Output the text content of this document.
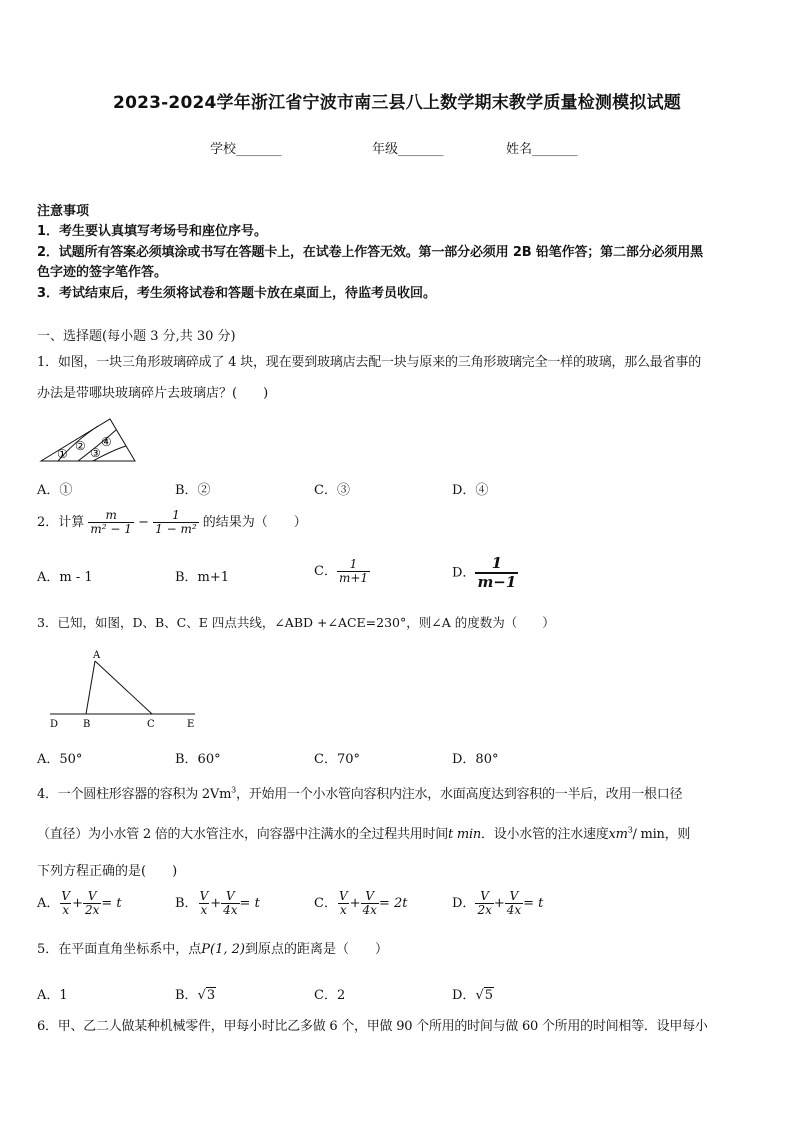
2023-2024学年浙江省宁波市南三县八上数学期末教学质量检测模拟试题
学校_______	年级_______	姓名_______
注意事项
1．考生要认真填写考场号和座位序号。
2．试题所有答案必须填涂或书写在答题卡上，在试卷上作答无效。第一部分必须用 2B 铅笔作答；第二部分必须用黑
色字迹的签字笔作答。
3．考试结束后，考生须将试卷和答题卡放在桌面上，待监考员收回。
一、选择题(每小题 3 分,共 30 分)
1．如图，一块三角形玻璃碎成了 4 块，现在要到玻璃店去配一块与原来的三角形玻璃完全一样的玻璃，那么最省事的
办法是带哪块玻璃碎片去玻璃店？(　　)
①
② ③
④
A．①	B．②	C．③	D．④
2．计算 $\frac{m}{\text{m² − 1}} - \frac{1}{\text{1 − m²}}$ 的结果为（　　）
A．m - 1	B．m+1	C． $\frac{1}{m+1}$	D． $\frac{1}{m-1}$
3．已知，如图，D、B、C、E 四点共线，∠ABD +∠ACE=230°，则∠A 的度数为（　　）
A
D B	C	E
A．50°	B．60°	C．70°	D．80°
4．一个圆柱形容器的容积为 2Vm$^3$，开始用一个小水管向容积内注水，水面高度达到容积的一半后，改用一根口径
（直径）为小水管 2 倍的大水管注水，向容器中注满水的全过程共用时间t min．设小水管的注水速度$xm^3/$ min，则
下列方程正确的是(　　)
A． $\frac{V}{x} + \frac{V}{2x} = t$	B． $\frac{V}{x} + \frac{V}{4x} = t$	C． $\frac{V}{x} + \frac{V}{4x} = 2t$	D． $\frac{V}{2x} + \frac{V}{4x} = t$
5．在平面直角坐标系中，点P(1, 2)到原点的距离是（　　）
A．1	B．√3	C．2	D．√5
6．甲、乙二人做某种机械零件，甲每小时比乙多做 6 个，甲做 90 个所用的时间与做 60 个所用的时间相等．设甲每小
